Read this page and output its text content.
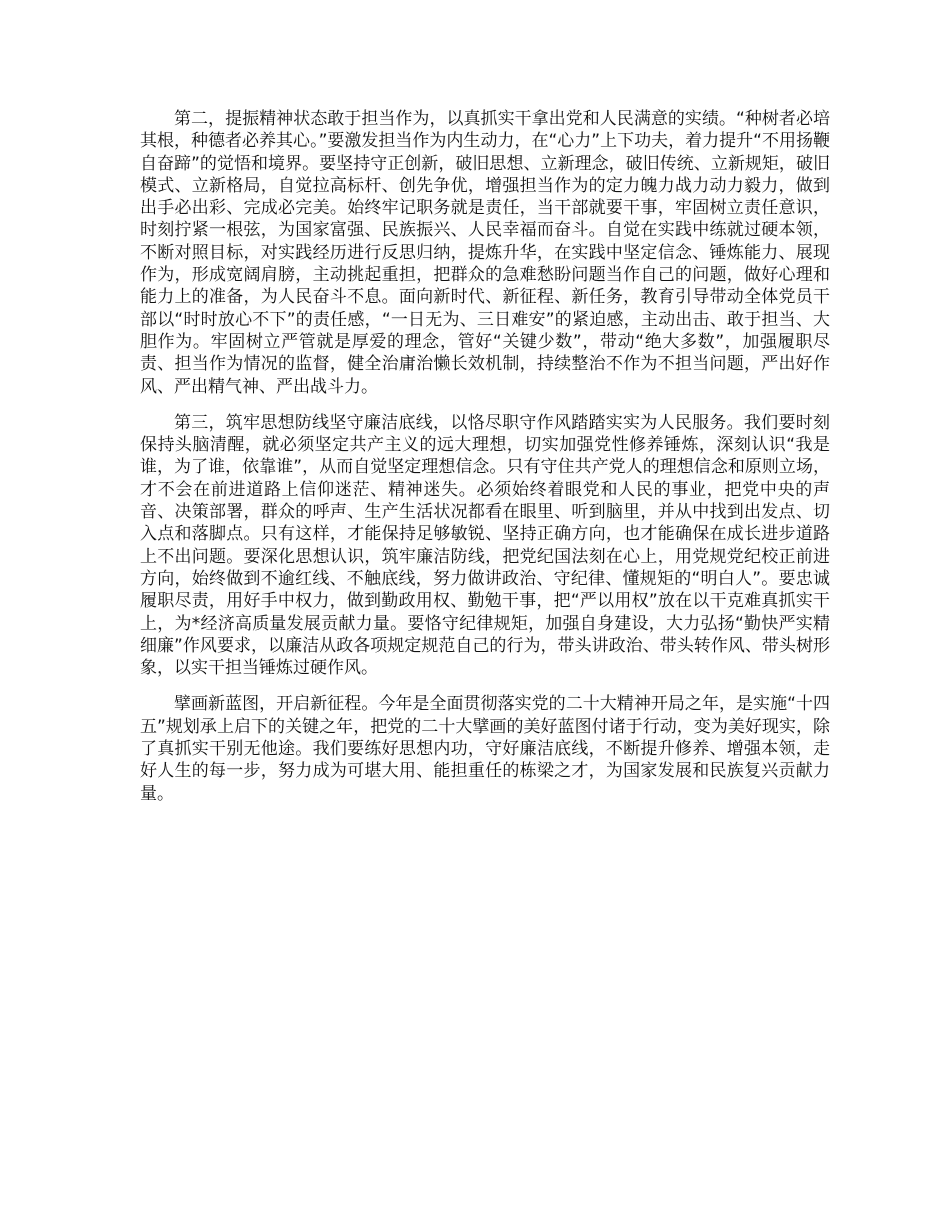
第二，提振精神状态敢于担当作为，以真抓实干拿出党和人民满意的实绩。“种树者必培其根，种德者必养其心。”要激发担当作为内生动力，在“心力”上下功夫，着力提升“不用扬鞭自奋蹄”的觉悟和境界。要坚持守正创新，破旧思想、立新理念，破旧传统、立新规矩，破旧模式、立新格局，自觉拉高标杆、创先争优，增强担当作为的定力魄力战力动力毅力，做到出手必出彩、完成必完美。始终牢记职务就是责任，当干部就要干事，牢固树立责任意识，时刻拧紧一根弦，为国家富强、民族振兴、人民幸福而奋斗。自觉在实践中练就过硬本领，不断对照目标，对实践经历进行反思归纳，提炼升华，在实践中坚定信念、锤炼能力、展现作为，形成宽阔肩膀，主动挑起重担，把群众的急难愁盼问题当作自己的问题，做好心理和能力上的准备，为人民奋斗不息。面向新时代、新征程、新任务，教育引导带动全体党员干部以“时时放心不下”的责任感，“一日无为、三日难安”的紧迫感，主动出击、敢于担当、大胆作为。牢固树立严管就是厚爱的理念，管好“关键少数”，带动“绝大多数”，加强履职尽责、担当作为情况的监督，健全治庸治懒长效机制，持续整治不作为不担当问题，严出好作风、严出精气神、严出战斗力。

第三，筑牢思想防线坚守廉洁底线，以恪尽职守作风踏踏实实为人民服务。我们要时刻保持头脑清醒，就必须坚定共产主义的远大理想，切实加强党性修养锤炼，深刻认识“我是谁，为了谁，依靠谁”，从而自觉坚定理想信念。只有守住共产党人的理想信念和原则立场，才不会在前进道路上信仰迷茫、精神迷失。必须始终着眼党和人民的事业，把党中央的声音、决策部署，群众的呼声、生产生活状况都看在眼里、听到脑里，并从中找到出发点、切入点和落脚点。只有这样，才能保持足够敏锐、坚持正确方向，也才能确保在成长进步道路上不出问题。要深化思想认识，筑牢廉洁防线，把党纪国法刻在心上，用党规党纪校正前进方向，始终做到不逾红线、不触底线，努力做讲政治、守纪律、懂规矩的“明白人”。要忠诚履职尽责，用好手中权力，做到勤政用权、勤勉干事，把“严以用权”放在以干克难真抓实干上，为*经济高质量发展贡献力量。要恪守纪律规矩，加强自身建设，大力弘扬“勤快严实精细廉”作风要求，以廉洁从政各项规定规范自己的行为，带头讲政治、带头转作风、带头树形象，以实干担当锤炼过硬作风。

擘画新蓝图，开启新征程。今年是全面贯彻落实党的二十大精神开局之年，是实施“十四五”规划承上启下的关键之年，把党的二十大擘画的美好蓝图付诸于行动，变为美好现实，除了真抓实干别无他途。我们要练好思想内功，守好廉洁底线，不断提升修养、增强本领，走好人生的每一步，努力成为可堪大用、能担重任的栋梁之才，为国家发展和民族复兴贡献力量。
